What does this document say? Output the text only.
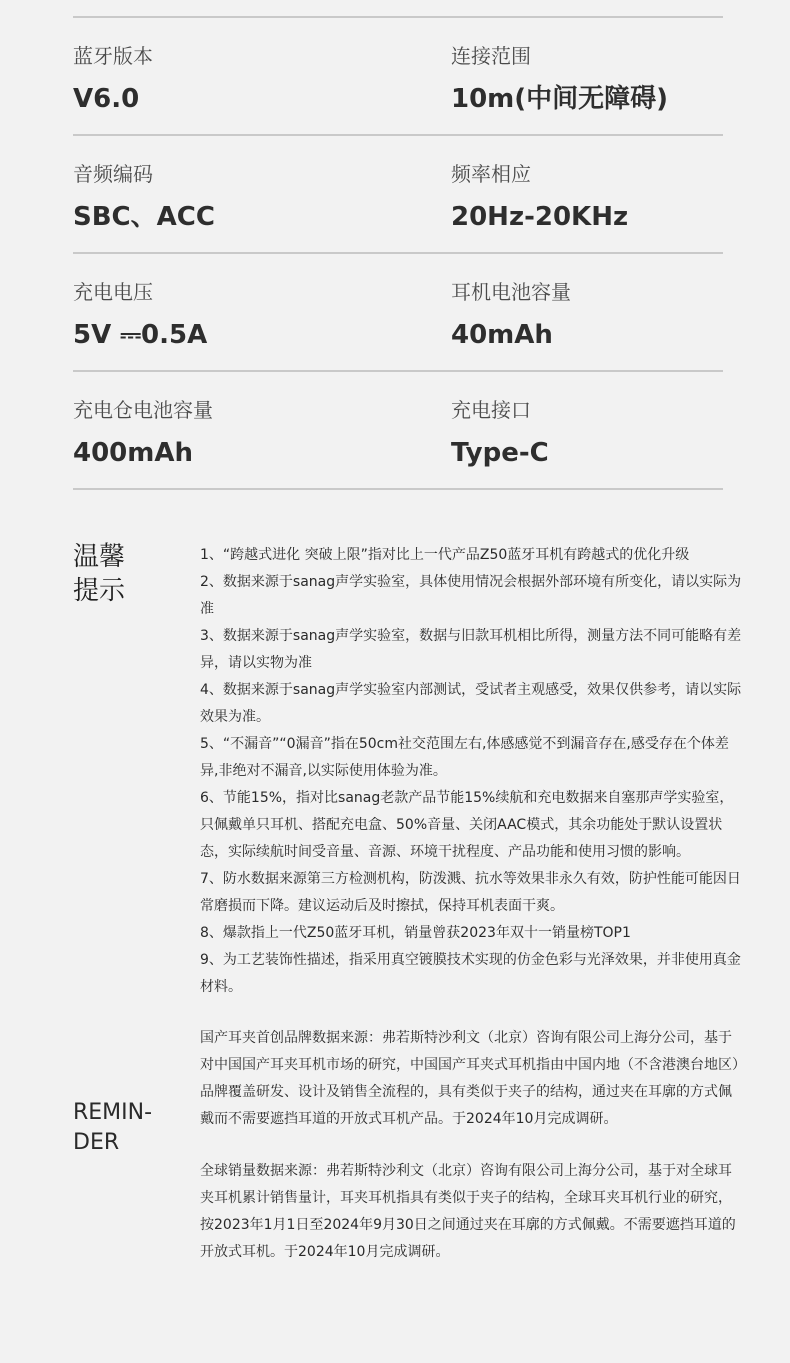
蓝牙版本
V6.0
连接范围
10m(中间无障碍)
音频编码
SBC、ACC
频率相应
20Hz-20KHz
充电电压
5V ⎓0.5A
耳机电池容量
40mAh
充电仓电池容量
400mAh
充电接口
Type-C
温馨
提示
1、“跨越式进化 突破上限”指对比上一代产品Z50蓝牙耳机有跨越式的优化升级
2、数据来源于sanag声学实验室，具体使用情况会根据外部环境有所变化，请以实际为准
3、数据来源于sanag声学实验室，数据与旧款耳机相比所得，测量方法不同可能略有差异，请以实物为准
4、数据来源于sanag声学实验室内部测试，受试者主观感受，效果仅供参考，请以实际效果为准。
5、“不漏音”“0漏音”指在50cm社交范围左右,体感感觉不到漏音存在,感受存在个体差异,非绝对不漏音,以实际使用体验为准。
6、节能15%，指对比sanag老款产品节能15%续航和充电数据来自塞那声学实验室，只佩戴单只耳机、搭配充电盒、50%音量、关闭AAC模式，其余功能处于默认设置状态，实际续航时间受音量、音源、环境干扰程度、产品功能和使用习惯的影响。
7、防水数据来源第三方检测机构，防泼溅、抗水等效果非永久有效，防护性能可能因日常磨损而下降。建议运动后及时擦拭，保持耳机表面干爽。
8、爆款指上一代Z50蓝牙耳机，销量曾获2023年双十一销量榜TOP1
9、为工艺装饰性描述，指采用真空镀膜技术实现的仿金色彩与光泽效果，并非使用真金材料。
REMIN-
DER
国产耳夹首创品牌数据来源：弗若斯特沙利文（北京）咨询有限公司上海分公司，基于对中国国产耳夹耳机市场的研究，中国国产耳夹式耳机指由中国内地（不含港澳台地区）品牌覆盖研发、设计及销售全流程的，具有类似于夹子的结构，通过夹在耳廓的方式佩戴而不需要遮挡耳道的开放式耳机产品。于2024年10月完成调研。
全球销量数据来源：弗若斯特沙利文（北京）咨询有限公司上海分公司，基于对全球耳夹耳机累计销售量计，耳夹耳机指具有类似于夹子的结构，全球耳夹耳机行业的研究，按2023年1月1日至2024年9月30日之间通过夹在耳廓的方式佩戴。不需要遮挡耳道的开放式耳机。于2024年10月完成调研。
